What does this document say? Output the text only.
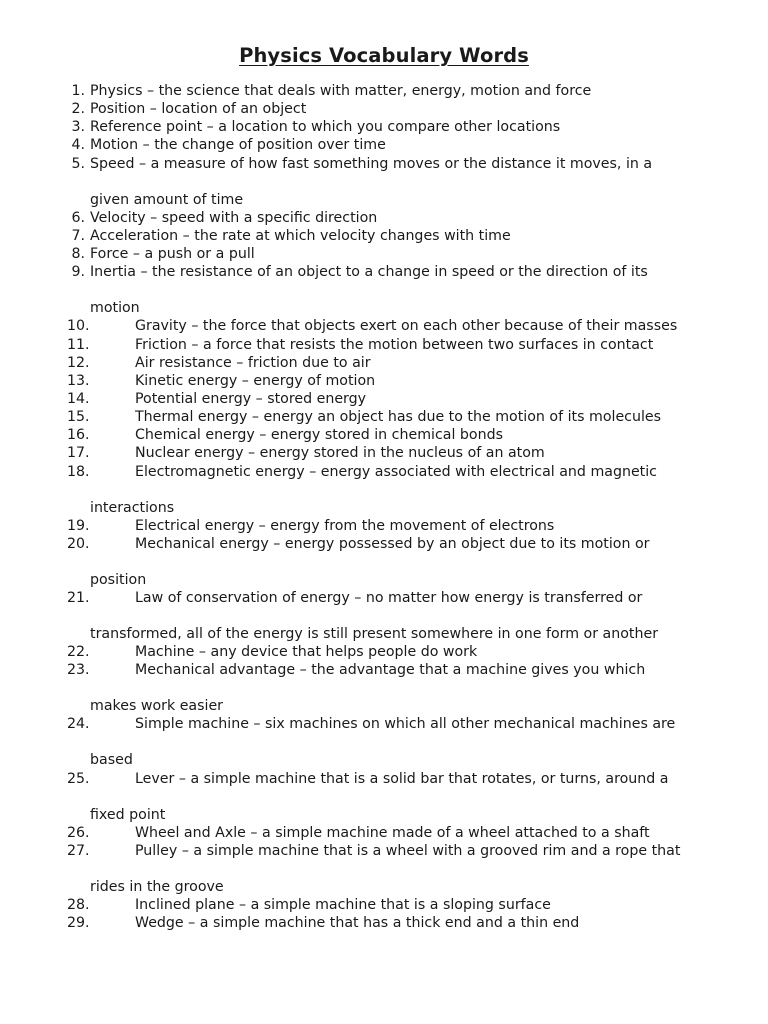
Physics Vocabulary Words
1. Physics – the science that deals with matter, energy, motion and force
2. Position – location of an object
3. Reference point – a location to which you compare other locations
4. Motion – the change of position over time
5. Speed – a measure of how fast something moves or the distance it moves, in a
given amount of time
6. Velocity – speed with a specific direction
7. Acceleration – the rate at which velocity changes with time
8. Force – a push or a pull
9. Inertia – the resistance of an object to a change in speed or the direction of its
motion
10.	Gravity – the force that objects exert on each other because of their masses
11.	Friction – a force that resists the motion between two surfaces in contact
12.	Air resistance – friction due to air
13.	Kinetic energy – energy of motion
14.	Potential energy – stored energy
15.	Thermal energy – energy an object has due to the motion of its molecules
16.	Chemical energy – energy stored in chemical bonds
17.	Nuclear energy – energy stored in the nucleus of an atom
18.	Electromagnetic energy – energy associated with electrical and magnetic
interactions
19.	Electrical energy – energy from the movement of electrons
20.	Mechanical energy – energy possessed by an object due to its motion or
position
21.	Law of conservation of energy – no matter how energy is transferred or
transformed, all of the energy is still present somewhere in one form or another
22.	Machine – any device that helps people do work
23.	Mechanical advantage – the advantage that a machine gives you which
makes work easier
24.	Simple machine – six machines on which all other mechanical machines are
based
25.	Lever – a simple machine that is a solid bar that rotates, or turns, around a
fixed point
26.	Wheel and Axle – a simple machine made of a wheel attached to a shaft
27.	Pulley – a simple machine that is a wheel with a grooved rim and a rope that
rides in the groove
28.	Inclined plane – a simple machine that is a sloping surface
29.	Wedge – a simple machine that has a thick end and a thin end
